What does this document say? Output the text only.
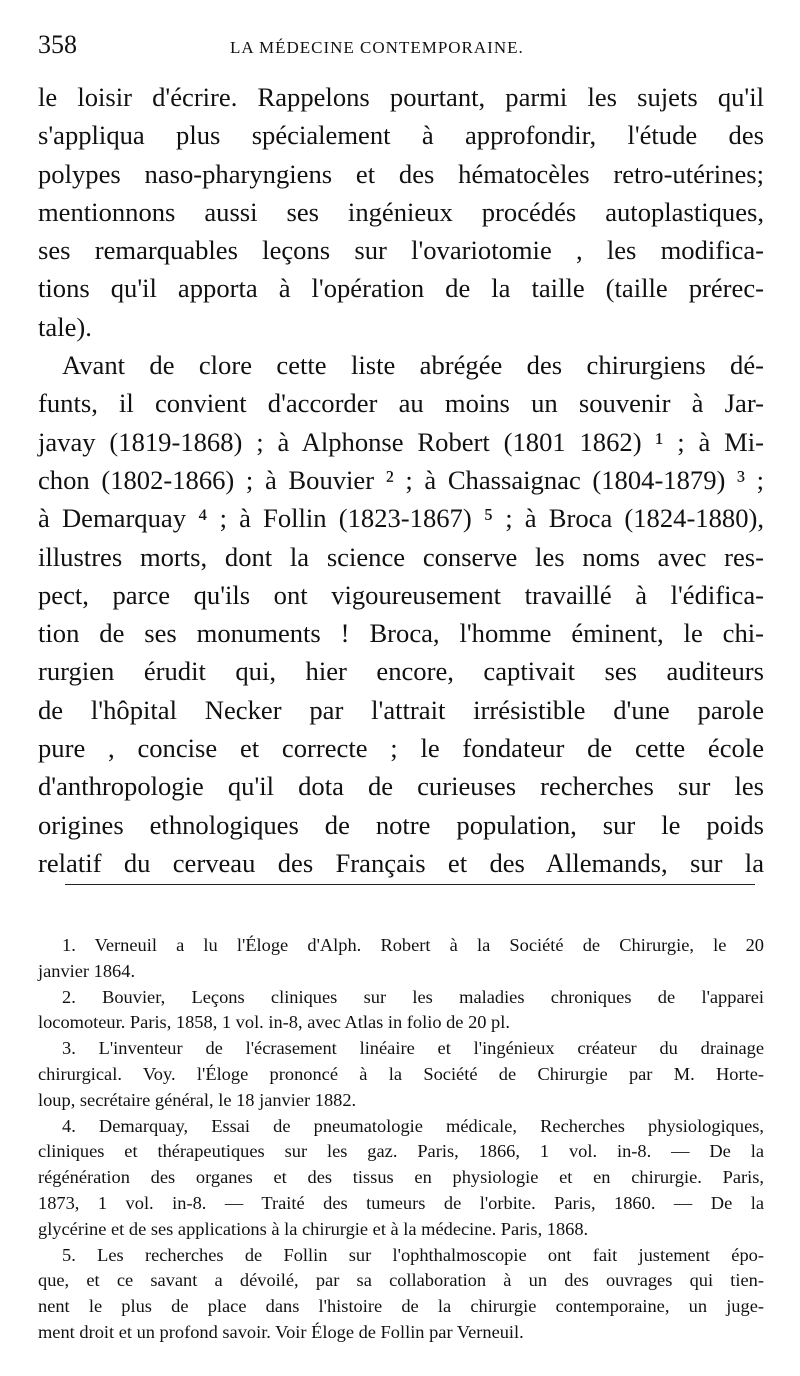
358	LA MÉDECINE CONTEMPORAINE.
le loisir d'écrire. Rappelons pourtant, parmi les sujets qu'il
s'appliqua plus spécialement à approfondir, l'étude des
polypes naso-pharyngiens et des hématocèles retro-utérines;
mentionnons aussi ses ingénieux procédés autoplastiques,
ses remarquables leçons sur l'ovariotomie , les modifica-
tions qu'il apporta à l'opération de la taille (taille prérec-
tale).
Avant de clore cette liste abrégée des chirurgiens dé-
funts, il convient d'accorder au moins un souvenir à Jar-
javay (1819-1868) ; à Alphonse Robert (1801 1862) ¹ ; à Mi-
chon (1802-1866) ; à Bouvier ² ; à Chassaignac (1804-1879) ³ ;
à Demarquay ⁴ ; à Follin (1823-1867) ⁵ ; à Broca (1824-1880),
illustres morts, dont la science conserve les noms avec res-
pect, parce qu'ils ont vigoureusement travaillé à l'édifica-
tion de ses monuments ! Broca, l'homme éminent, le chi-
rurgien érudit qui, hier encore, captivait ses auditeurs
de l'hôpital Necker par l'attrait irrésistible d'une parole
pure , concise et correcte ; le fondateur de cette école
d'anthropologie qu'il dota de curieuses recherches sur les
origines ethnologiques de notre population, sur le poids
relatif du cerveau des Français et des Allemands, sur la
1. Verneuil a lu l'Éloge d'Alph. Robert à la Société de Chirurgie, le 20
janvier 1864.
2. Bouvier, Leçons cliniques sur les maladies chroniques de l'apparei
locomoteur. Paris, 1858, 1 vol. in-8, avec Atlas in folio de 20 pl.
3. L'inventeur de l'écrasement linéaire et l'ingénieux créateur du drainage
chirurgical. Voy. l'Éloge prononcé à la Société de Chirurgie par M. Horte-
loup, secrétaire général, le 18 janvier 1882.
4. Demarquay, Essai de pneumatologie médicale, Recherches physiologiques,
cliniques et thérapeutiques sur les gaz. Paris, 1866, 1 vol. in-8. — De la
régénération des organes et des tissus en physiologie et en chirurgie. Paris,
1873, 1 vol. in-8. — Traité des tumeurs de l'orbite. Paris, 1860. — De la
glycérine et de ses applications à la chirurgie et à la médecine. Paris, 1868.
5. Les recherches de Follin sur l'ophthalmoscopie ont fait justement épo-
que, et ce savant a dévoilé, par sa collaboration à un des ouvrages qui tien-
nent le plus de place dans l'histoire de la chirurgie contemporaine, un juge-
ment droit et un profond savoir. Voir Éloge de Follin par Verneuil.
